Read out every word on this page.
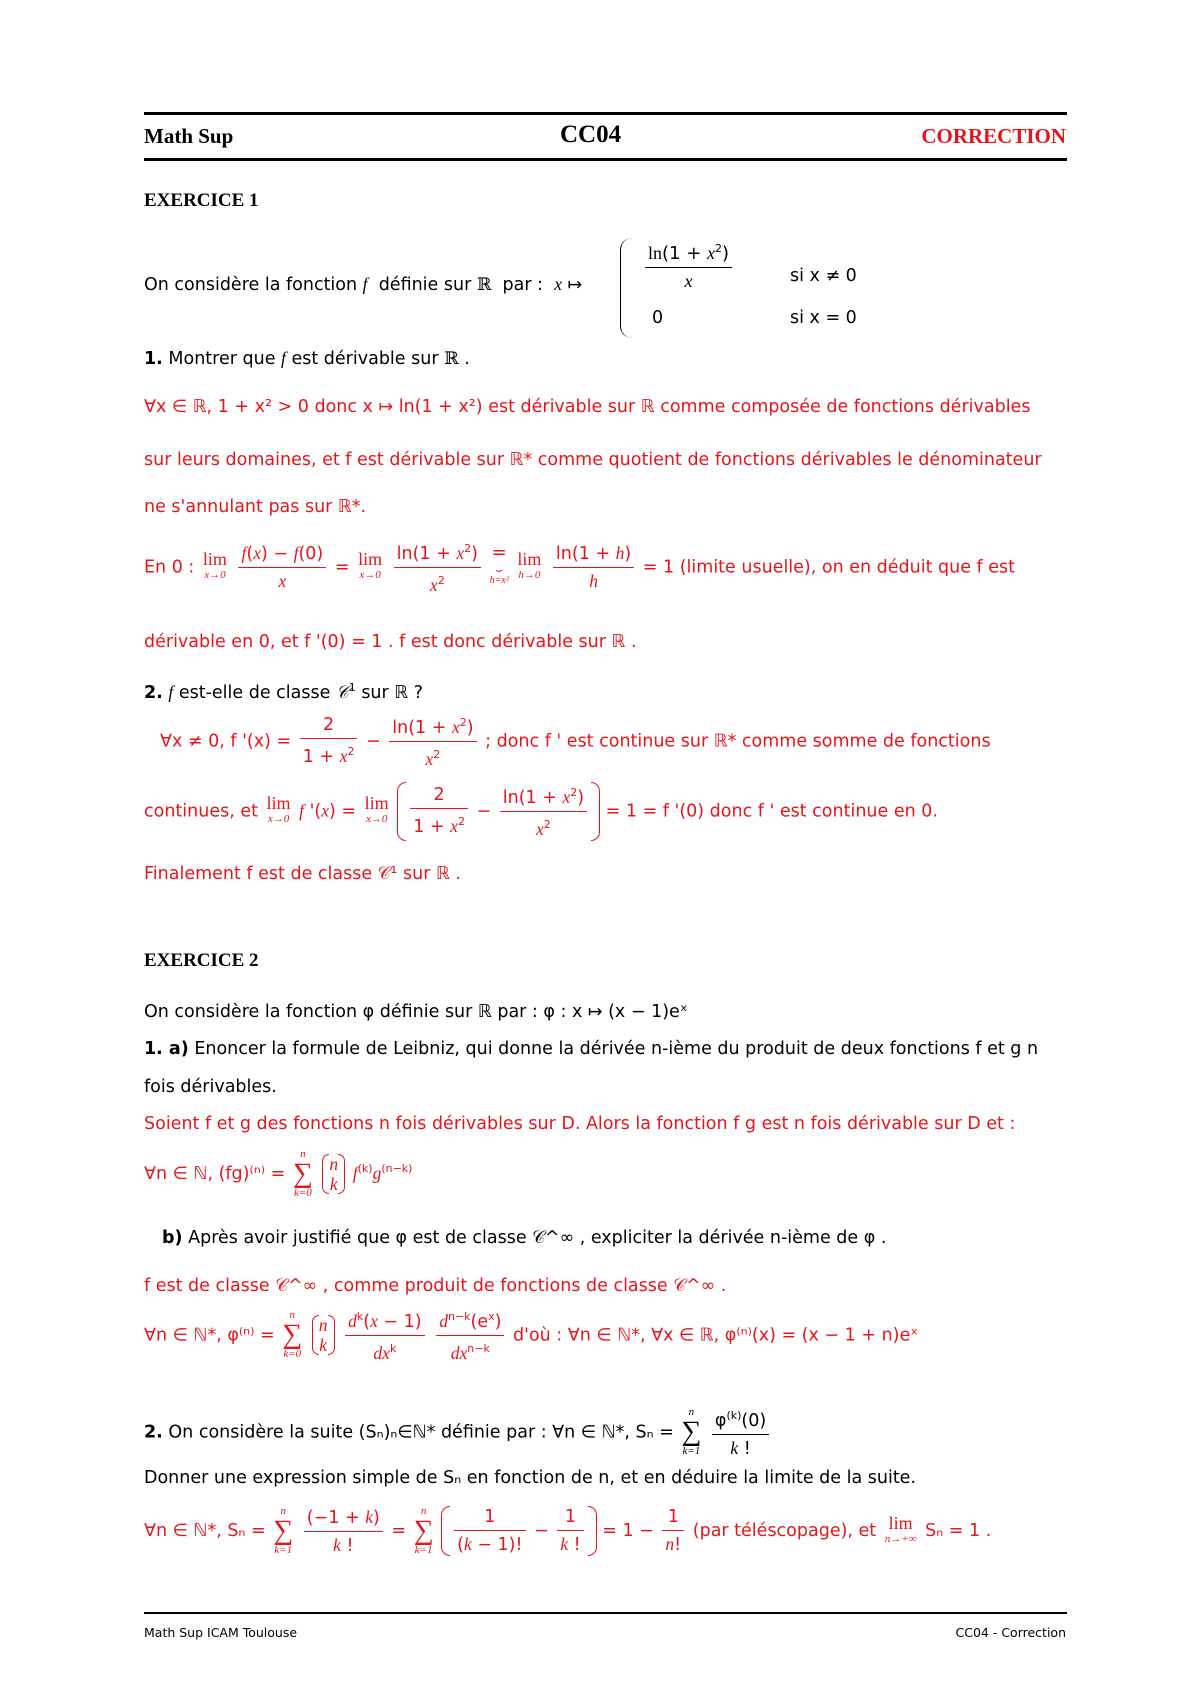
Math Sup	CC04	CORRECTION
EXERCICE 1
On considère la fonction f définie sur ℝ par : x ↦	$\frac{\ln(1 + x^2)}{x}$	si x ≠ 0
0	si x = 0
1. Montrer que f est dérivable sur ℝ .
∀x ∈ ℝ, 1 + x² > 0 donc x ↦ ln(1 + x²) est dérivable sur ℝ comme composée de fonctions dérivables
sur leurs domaines, et f est dérivable sur ℝ* comme quotient de fonctions dérivables le dénominateur
ne s'annulant pas sur ℝ*.
En 0 : lim
x→0
$\frac{f(x) - f(0)}{x} = \lim$
x→0
$\frac{\ln(1 + x^2)}{x^2}$
=
⏟
h=x²

lim
h→0
$\frac{\ln(1 + h)}{h} = 1$ (limite usuelle), on en déduit que f est
dérivable en 0, et f '(0) = 1 . f est donc dérivable sur ℝ .
2. f est-elle de classe 𝒞$^1$ sur ℝ ?
∀x ≠ 0, f '$(x) = \frac{2}{1 + x^2} - \frac{\ln(1 + x^2)}{x^2}$ ; donc f ' est continue sur ℝ* comme somme de fonctions
continues, et lim
x→0 f '(x) = lim
x→0
$\frac{2}{1 + x^2} - \frac{\ln(1 + x^2)}{x^2} = 1 = f$ '(0) donc f ' est continue en 0.
Finalement f est de classe 𝒞¹ sur ℝ .
EXERCICE 2
On considère la fonction φ définie sur ℝ par : φ : x ↦ (x − 1)eˣ
1. a) Enoncer la formule de Leibniz, qui donne la dérivée n-ième du produit de deux fonctions f et g n
fois dérivables.
Soient f et g des fonctions n fois dérivables sur D. Alors la fonction f g est n fois dérivable sur D et :
∀n ∈ ℕ, (fg)⁽ⁿ⁾ =
n
∑
k=0

n
k
$f^{(k)}g^{(n-k)}$
b) Après avoir justifié que φ est de classe 𝒞^∞ , expliciter la dérivée n-ième de φ .
f est de classe 𝒞^∞ , comme produit de fonctions de classe 𝒞^∞ .
∀n ∈ ℕ*, φ⁽ⁿ⁾ =
n
∑
k=0

n
k
$\frac{d^k(x - 1)}{dx^k}$
$\frac{d^{n-k}(e^x)}{dx^{n-k}}$ d'où : ∀n ∈ ℕ*, ∀x ∈ ℝ, φ⁽ⁿ⁾(x) = (x − 1 + n)eˣ
2. On considère la suite (Sₙ)ₙ∈ℕ* définie par : ∀n ∈ ℕ*, Sₙ =
n
∑
k=1
$\frac{\varphi^{(k)}(0)}{k !}$
Donner une expression simple de Sₙ en fonction de n, et en déduire la limite de la suite.
∀n ∈ ℕ*, Sₙ =
n
∑
k=1
$\frac{(-1 + k)}{k !}$ =
n
∑
k=1
$\frac{1}{(k - 1)!} - \frac{1}{k !} = 1 - \frac{1}{n!} (par$ téléscopage), et lim
n→+∞ Sₙ = 1 .
Math Sup ICAM Toulouse	CC04 - Correction
